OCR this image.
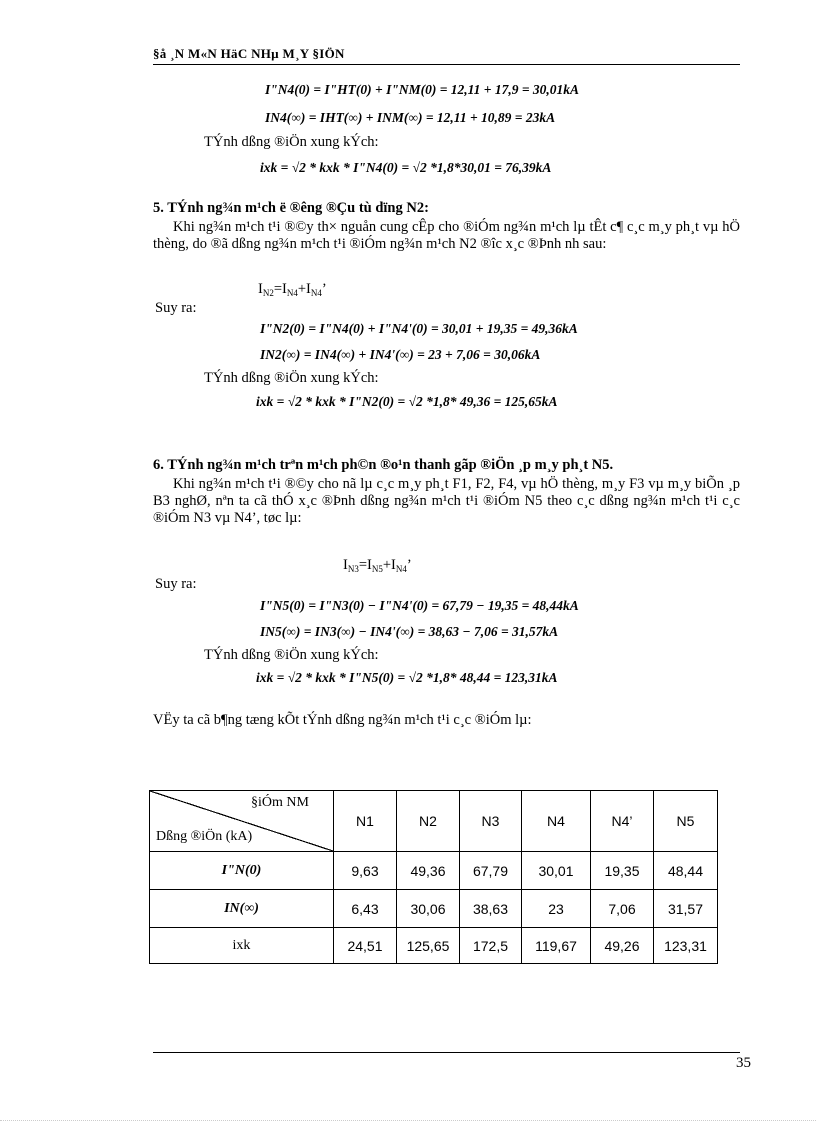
§å ¸N M«N HäC NHµ M¸Y §IÖN
I"N4(0) = I"HT(0) + I"NM(0) = 12,11 + 17,9 = 30,01kA
IN4(∞) = IHT(∞) + INM(∞) = 12,11 + 10,89 = 23kA
TÝnh dßng ®iÖn xung kÝch:
ixk = √2 * kxk * I"N4(0) = √2 *1,8*30,01 = 76,39kA
5. TÝnh ng¾n m¹ch ë ®êng ®Çu tù dïng N2:
Khi ng¾n m¹ch t¹i ®©y th× nguån cung cÊp cho ®iÓm ng¾n m¹ch lµ tÊt c¶ c¸c m¸y ph¸t vµ hÖ thèng, do ®ã dßng ng¾n m¹ch t¹i ®iÓm ng¾n m¹ch N2 ®îc x¸c ®Þnh nh sau:
$I_{N2}=I_{N4}+I_{N4}$’
Suy ra:
I"N2(0) = I"N4(0) + I"N4'(0) = 30,01 + 19,35 = 49,36kA
IN2(∞) = IN4(∞) + IN4'(∞) = 23 + 7,06 = 30,06kA
TÝnh dßng ®iÖn xung kÝch:
ixk = √2 * kxk * I"N2(0) = √2 *1,8* 49,36 = 125,65kA
6. TÝnh ng¾n m¹ch trªn m¹ch ph©n ®o¹n thanh gãp ®iÖn ¸p m¸y ph¸t N5.
Khi ng¾n m¹ch t¹i ®©y cho nã lµ c¸c m¸y ph¸t F1, F2, F4, vµ hÖ thèng, m¸y F3 vµ m¸y biÕn ¸p B3 nghØ, nªn ta cã thÓ x¸c ®Þnh dßng ng¾n m¹ch t¹i ®iÓm N5 theo c¸c dßng ng¾n m¹ch t¹i c¸c ®iÓm N3 vµ N4’, tøc lµ:
$I_{N3}=I_{N5}+I_{N4}$’
Suy ra:
I"N5(0) = I"N3(0) − I"N4'(0) = 67,79 − 19,35 = 48,44kA
IN5(∞) = IN3(∞) − IN4'(∞) = 38,63 − 7,06 = 31,57kA
TÝnh dßng ®iÖn xung kÝch:
ixk = √2 * kxk * I"N5(0) = √2 *1,8* 48,44 = 123,31kA
VËy ta cã b¶ng tæng kÕt tÝnh dßng ng¾n m¹ch t¹i c¸c ®iÓm lµ:
§iÓm NM
Dßng ®iÖn (kA)	N1	N2	N3	N4	N4’	N5
I"N(0)	9,63	49,36	67,79	30,01	19,35	48,44
IN(∞)	6,43	30,06	38,63	23	7,06	31,57
ixk	24,51	125,65	172,5	119,67	49,26	123,31
35
